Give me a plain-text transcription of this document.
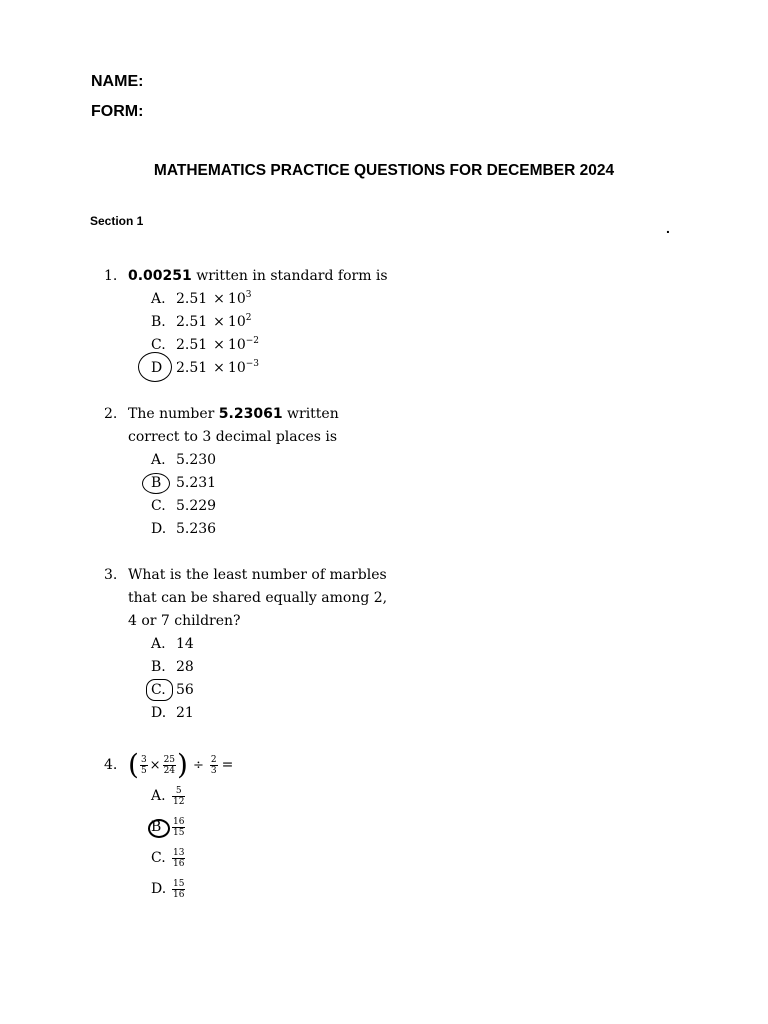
NAME:
FORM:
MATHEMATICS PRACTICE QUESTIONS FOR DECEMBER 2024
Section 1	.
1. 0.00251 written in standard form is
A. $2.51 \times 10^3$
B. $2.51 \times 10^2$
C. $2.51 \times 10^{-2}$
D $2.51 \times 10^{-3}$
2. The number 5.23061 written
correct to 3 decimal places is
A. 5.230
B 5.231
C. 5.229
D. 5.236
3. What is the least number of marbles
that can be shared equally among 2,
4 or 7 children?
A. 14
B. 28
C. 56
D. 21
4. ( $\frac{3}{5} \times \frac{25}{24}$ ) ÷ $\frac{2}{3}$ =
A. $\frac{5}{12}$
B	$\frac{16}{15}$
C. $\frac{13}{16}$
D. $\frac{15}{16}$
